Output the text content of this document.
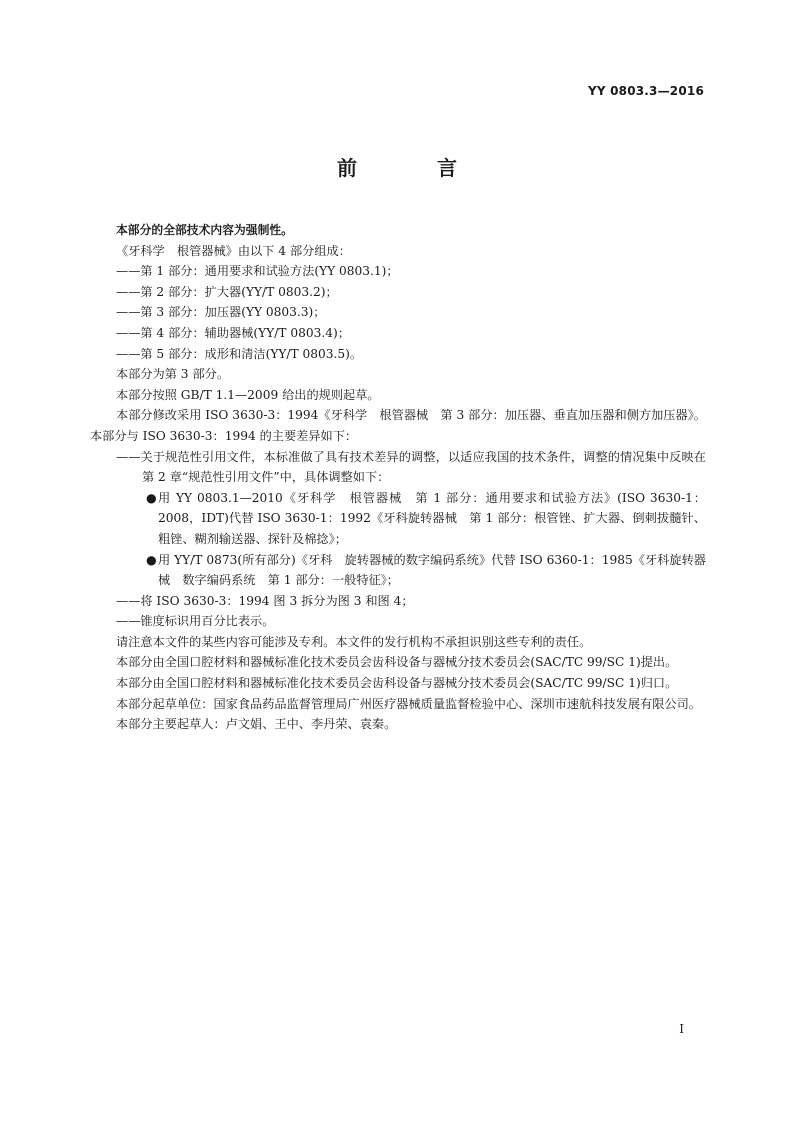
YY 0803.3—2016
前　言

本部分的全部技术内容为强制性。

《牙科学　根管器械》由以下 4 部分组成：

——第 1 部分：通用要求和试验方法(YY 0803.1)；

——第 2 部分：扩大器(YY/T 0803.2)；

——第 3 部分：加压器(YY 0803.3)；

——第 4 部分：辅助器械(YY/T 0803.4)；

——第 5 部分：成形和清洁(YY/T 0803.5)。

本部分为第 3 部分。

本部分按照 GB/T 1.1—2009 给出的规则起草。

本部分修改采用 ISO 3630-3：1994《牙科学　根管器械　第 3 部分：加压器、垂直加压器和侧方加压器》。本部分与 ISO 3630-3：1994 的主要差异如下：

——关于规范性引用文件，本标准做了具有技术差异的调整，以适应我国的技术条件，调整的情况集中反映在第 2 章“规范性引用文件”中，具体调整如下：

● 用 YY 0803.1—2010《牙科学　根管器械　第 1 部分：通用要求和试验方法》(ISO 3630-1：2008，IDT)代替 ISO 3630-1：1992《牙科旋转器械　第 1 部分：根管锉、扩大器、倒刺拔髓针、粗锉、糊剂输送器、探针及棉捻》；

● 用 YY/T 0873(所有部分)《牙科　旋转器械的数字编码系统》代替 ISO 6360-1：1985《牙科旋转器械　数字编码系统　第 1 部分：一般特征》；

——将 ISO 3630-3：1994 图 3 拆分为图 3 和图 4；

——锥度标识用百分比表示。

请注意本文件的某些内容可能涉及专利。本文件的发行机构不承担识别这些专利的责任。

本部分由全国口腔材料和器械标准化技术委员会齿科设备与器械分技术委员会(SAC/TC 99/SC 1)提出。

本部分由全国口腔材料和器械标准化技术委员会齿科设备与器械分技术委员会(SAC/TC 99/SC 1)归口。

本部分起草单位：国家食品药品监督管理局广州医疗器械质量监督检验中心、深圳市速航科技发展有限公司。

本部分主要起草人：卢文娟、王中、李丹荣、袁秦。

I
